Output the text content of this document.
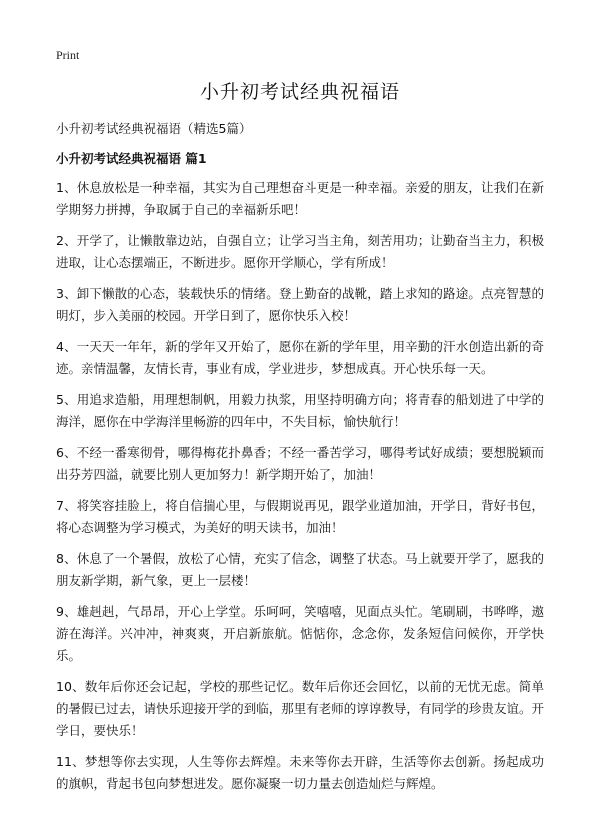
Print
小升初考试经典祝福语
小升初考试经典祝福语（精选5篇）
小升初考试经典祝福语 篇1

1、休息放松是一种幸福，其实为自己理想奋斗更是一种幸福。亲爱的朋友，让我们在新学期努力拼搏，争取属于自己的幸福新乐吧！

2、开学了，让懒散靠边站，自强自立；让学习当主角，刻苦用功；让勤奋当主力，积极进取，让心态摆端正，不断进步。愿你开学顺心，学有所成！

3、卸下懒散的心态，装载快乐的情绪。登上勤奋的战靴，踏上求知的路途。点亮智慧的明灯，步入美丽的校园。开学日到了，愿你快乐入校！

4、一天天一年年，新的学年又开始了，愿你在新的学年里，用辛勤的汗水创造出新的奇迹。亲情温馨，友情长青，事业有成，学业进步，梦想成真。开心快乐每一天。

5、用追求造船，用理想制帆，用毅力执浆，用坚持明确方向；将青春的船划进了中学的海洋，愿你在中学海洋里畅游的四年中，不失目标，愉快航行！

6、不经一番寒彻骨，哪得梅花扑鼻香；不经一番苦学习，哪得考试好成绩；要想脱颖而出芬芳四溢，就要比别人更加努力！新学期开始了，加油！

7、将笑容挂脸上，将自信揣心里，与假期说再见，跟学业道加油，开学日，背好书包，将心态调整为学习模式，为美好的明天读书，加油！

8、休息了一个暑假，放松了心情，充实了信念，调整了状态。马上就要开学了，愿我的朋友新学期，新气象，更上一层楼！

9、雄赳赳，气昂昂，开心上学堂。乐呵呵，笑嘻嘻，见面点头忙。笔刷刷，书哗哗，遨游在海洋。兴冲冲，神爽爽，开启新旅航。惦惦你，念念你，发条短信问候你，开学快乐。

10、数年后你还会记起，学校的那些记忆。数年后你还会回忆，以前的无忧无虑。简单的暑假已过去，请快乐迎接开学的到临，那里有老师的谆谆教导，有同学的珍贵友谊。开学日，要快乐！

11、梦想等你去实现，人生等你去辉煌。未来等你去开辟，生活等你去创新。扬起成功的旗帜，背起书包向梦想进发。愿你凝聚一切力量去创造灿烂与辉煌。
